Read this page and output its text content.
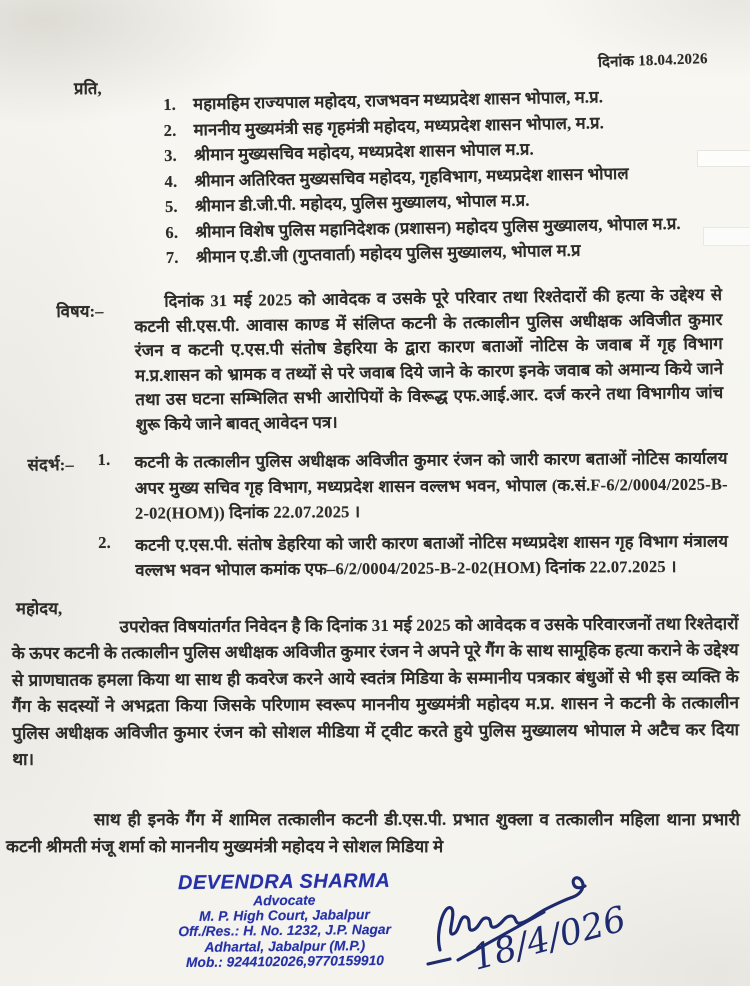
दिनांक 18.04.2026
प्रति,
1.	महामहिम राज्यपाल महोदय, राजभवन मध्यप्रदेश शासन भोपाल, म.प्र.
2.	माननीय मुख्यमंत्री सह गृहमंत्री महोदय, मध्यप्रदेश शासन भोपाल, म.प्र.
3.	श्रीमान मुख्यसचिव महोदय, मध्यप्रदेश शासन भोपाल म.प्र.
4.	श्रीमान अतिरिक्त मुख्यसचिव महोदय, गृहविभाग, मध्यप्रदेश शासन भोपाल
5.	श्रीमान डी.जी.पी. महोदय, पुलिस मुख्यालय, भोपाल म.प्र.
6.	श्रीमान विशेष पुलिस महानिदेशक (प्रशासन) महोदय पुलिस मुख्यालय, भोपाल म.प्र.
7.	श्रीमान ए.डी.जी (गुप्तवार्ता) महोदय पुलिस मुख्यालय, भोपाल म.प्र
विषय:–

दिनांक 31 मई 2025 को आवेदक व उसके पूरे परिवार तथा रिश्तेदारों की हत्या के उद्देश्य से कटनी सी.एस.पी. आवास काण्ड में संलिप्त कटनी के तत्कालीन पुलिस अधीक्षक अविजीत कुमार रंजन व कटनी ए.एस.पी संतोष डेहरिया के द्वारा कारण बताओं नोटिस के जवाब में गृह विभाग म.प्र.शासन को भ्रामक व तथ्यों से परे जवाब दिये जाने के कारण इनके जवाब को अमान्य किये जाने तथा उस घटना सम्भिलित सभी आरोपियों के विरूद्ध एफ.आई.आर. दर्ज करने तथा विभागीय जांच शुरू किये जाने बावत् आवेदन पत्र।

संदर्भ:– 1.	कटनी के तत्कालीन पुलिस अधीक्षक अविजीत कुमार रंजन को जारी कारण बताओं नोटिस कार्यालय अपर मुख्य सचिव गृह विभाग, मध्यप्रदेश शासन वल्लभ भवन, भोपाल (क.सं.F-6/2/0004/2025-B-2-02(HOM)) दिनांक 22.07.2025 ।
2.	कटनी ए.एस.पी. संतोष डेहरिया को जारी कारण बताओं नोटिस मध्यप्रदेश शासन गृह विभाग मंत्रालय वल्लभ भवन भोपाल कमांक एफ–6/2/0004/2025-B-2-02(HOM) दिनांक 22.07.2025 ।
महोदय,

उपरोक्त विषयांतर्गत निवेदन है कि दिनांक 31 मई 2025 को आवेदक व उसके परिवारजनों तथा रिश्तेदारों के ऊपर कटनी के तत्कालीन पुलिस अधीक्षक अविजीत कुमार रंजन ने अपने पूरे गैंग के साथ सामूहिक हत्या कराने के उद्देश्य से प्राणघातक हमला किया था साथ ही कवरेज करने आये स्वतंत्र मिडिया के सम्मानीय पत्रकार बंधुओं से भी इस व्यक्ति के गैंग के सदस्यों ने अभद्रता किया जिसके परिणाम स्वरूप माननीय मुख्यमंत्री महोदय म.प्र. शासन ने कटनी के तत्कालीन पुलिस अधीक्षक अविजीत कुमार रंजन को सोशल मीडिया में ट्वीट करते हुये पुलिस मुख्यालय भोपाल मे अटैच कर दिया था।

साथ ही इनके गैंग में शामिल तत्कालीन कटनी डी.एस.पी. प्रभात शुक्ला व तत्कालीन महिला थाना प्रभारी कटनी श्रीमती मंजू शर्मा को माननीय मुख्यमंत्री महोदय ने सोशल मिडिया मे

DEVENDRA SHARMA
Advocate
M. P. High Court, Jabalpur
Off./Res.: H. No. 1232, J.P. Nagar
Adhartal, Jabalpur (M.P.)
Mob.: 9244102026,9770159910	18/4/026
